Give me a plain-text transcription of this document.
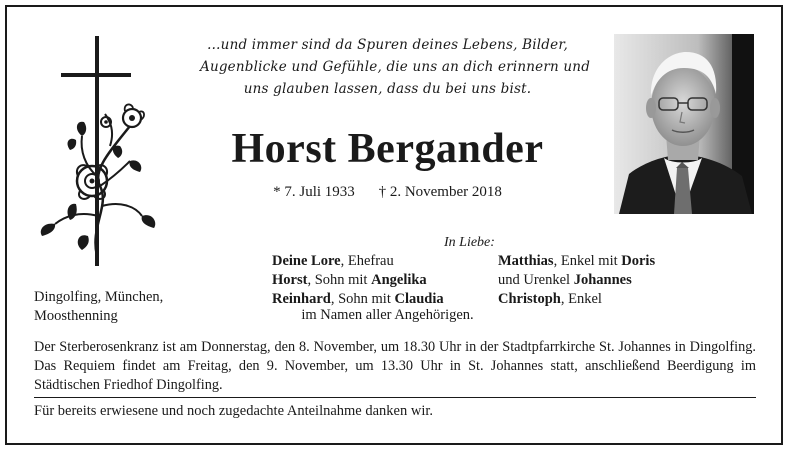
…und immer sind da Spuren deines Lebens, Bilder,
Augenblicke und Gefühle, die uns an dich erinnern und
uns glauben lassen, dass du bei uns bist.
Horst Bergander
* 7. Juli 1933 † 2. November 2018
In Liebe:
Deine Lore, Ehefrau
Horst, Sohn mit Angelika
Reinhard, Sohn mit Claudia
Matthias, Enkel mit Doris
und Urenkel Johannes
Christoph, Enkel
im Namen aller Angehörigen.
Dingolfing, München,
Moosthenning
Der Sterberosenkranz ist am Donnerstag, den 8. November, um 18.30 Uhr in der Stadtpfarrkirche St. Johannes in Dingolfing. Das Requiem findet am Freitag, den 9. November, um 13.30 Uhr in St. Johannes statt, anschließend Beerdigung im Städtischen Friedhof Dingolfing.
Für bereits erwiesene und noch zugedachte Anteilnahme danken wir.
